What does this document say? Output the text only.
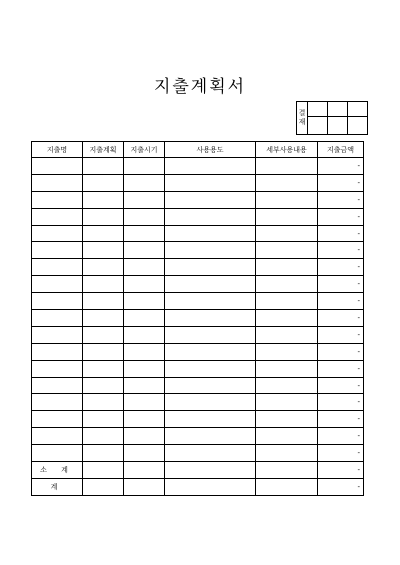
지출계획서
결
재			

지출명	지출계획	지출시기	사용용도	세부사용내용	지출금액
					-
					-
					-
					-
					-
					-
					-
					-
					-
					-
					-
					-
					-
					-
					-
					-
					-
					-
소 계					-
계					-
